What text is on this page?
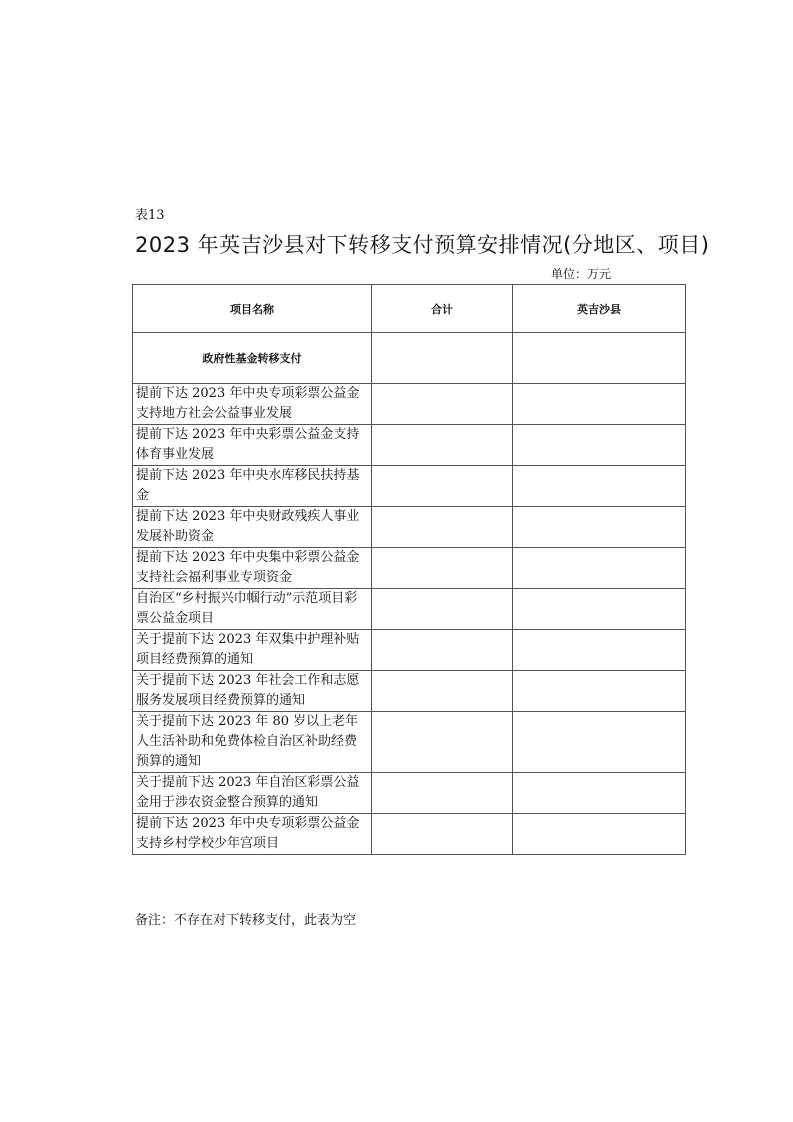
表13
2023 年英吉沙县对下转移支付预算安排情况(分地区、项目)
单位：万元
项目名称	合计	英吉沙县
政府性基金转移支付		
提前下达 2023 年中央专项彩票公益金支持地方社会公益事业发展		
提前下达 2023 年中央彩票公益金支持体育事业发展		
提前下达 2023 年中央水库移民扶持基金		
提前下达 2023 年中央财政残疾人事业发展补助资金		
提前下达 2023 年中央集中彩票公益金支持社会福利事业专项资金		
自治区“乡村振兴巾帼行动”示范项目彩票公益金项目		
关于提前下达 2023 年双集中护理补贴项目经费预算的通知		
关于提前下达 2023 年社会工作和志愿服务发展项目经费预算的通知		
关于提前下达 2023 年 80 岁以上老年人生活补助和免费体检自治区补助经费预算的通知		
关于提前下达 2023 年自治区彩票公益金用于涉农资金整合预算的通知		
提前下达 2023 年中央专项彩票公益金支持乡村学校少年宫项目		
备注：不存在对下转移支付，此表为空
